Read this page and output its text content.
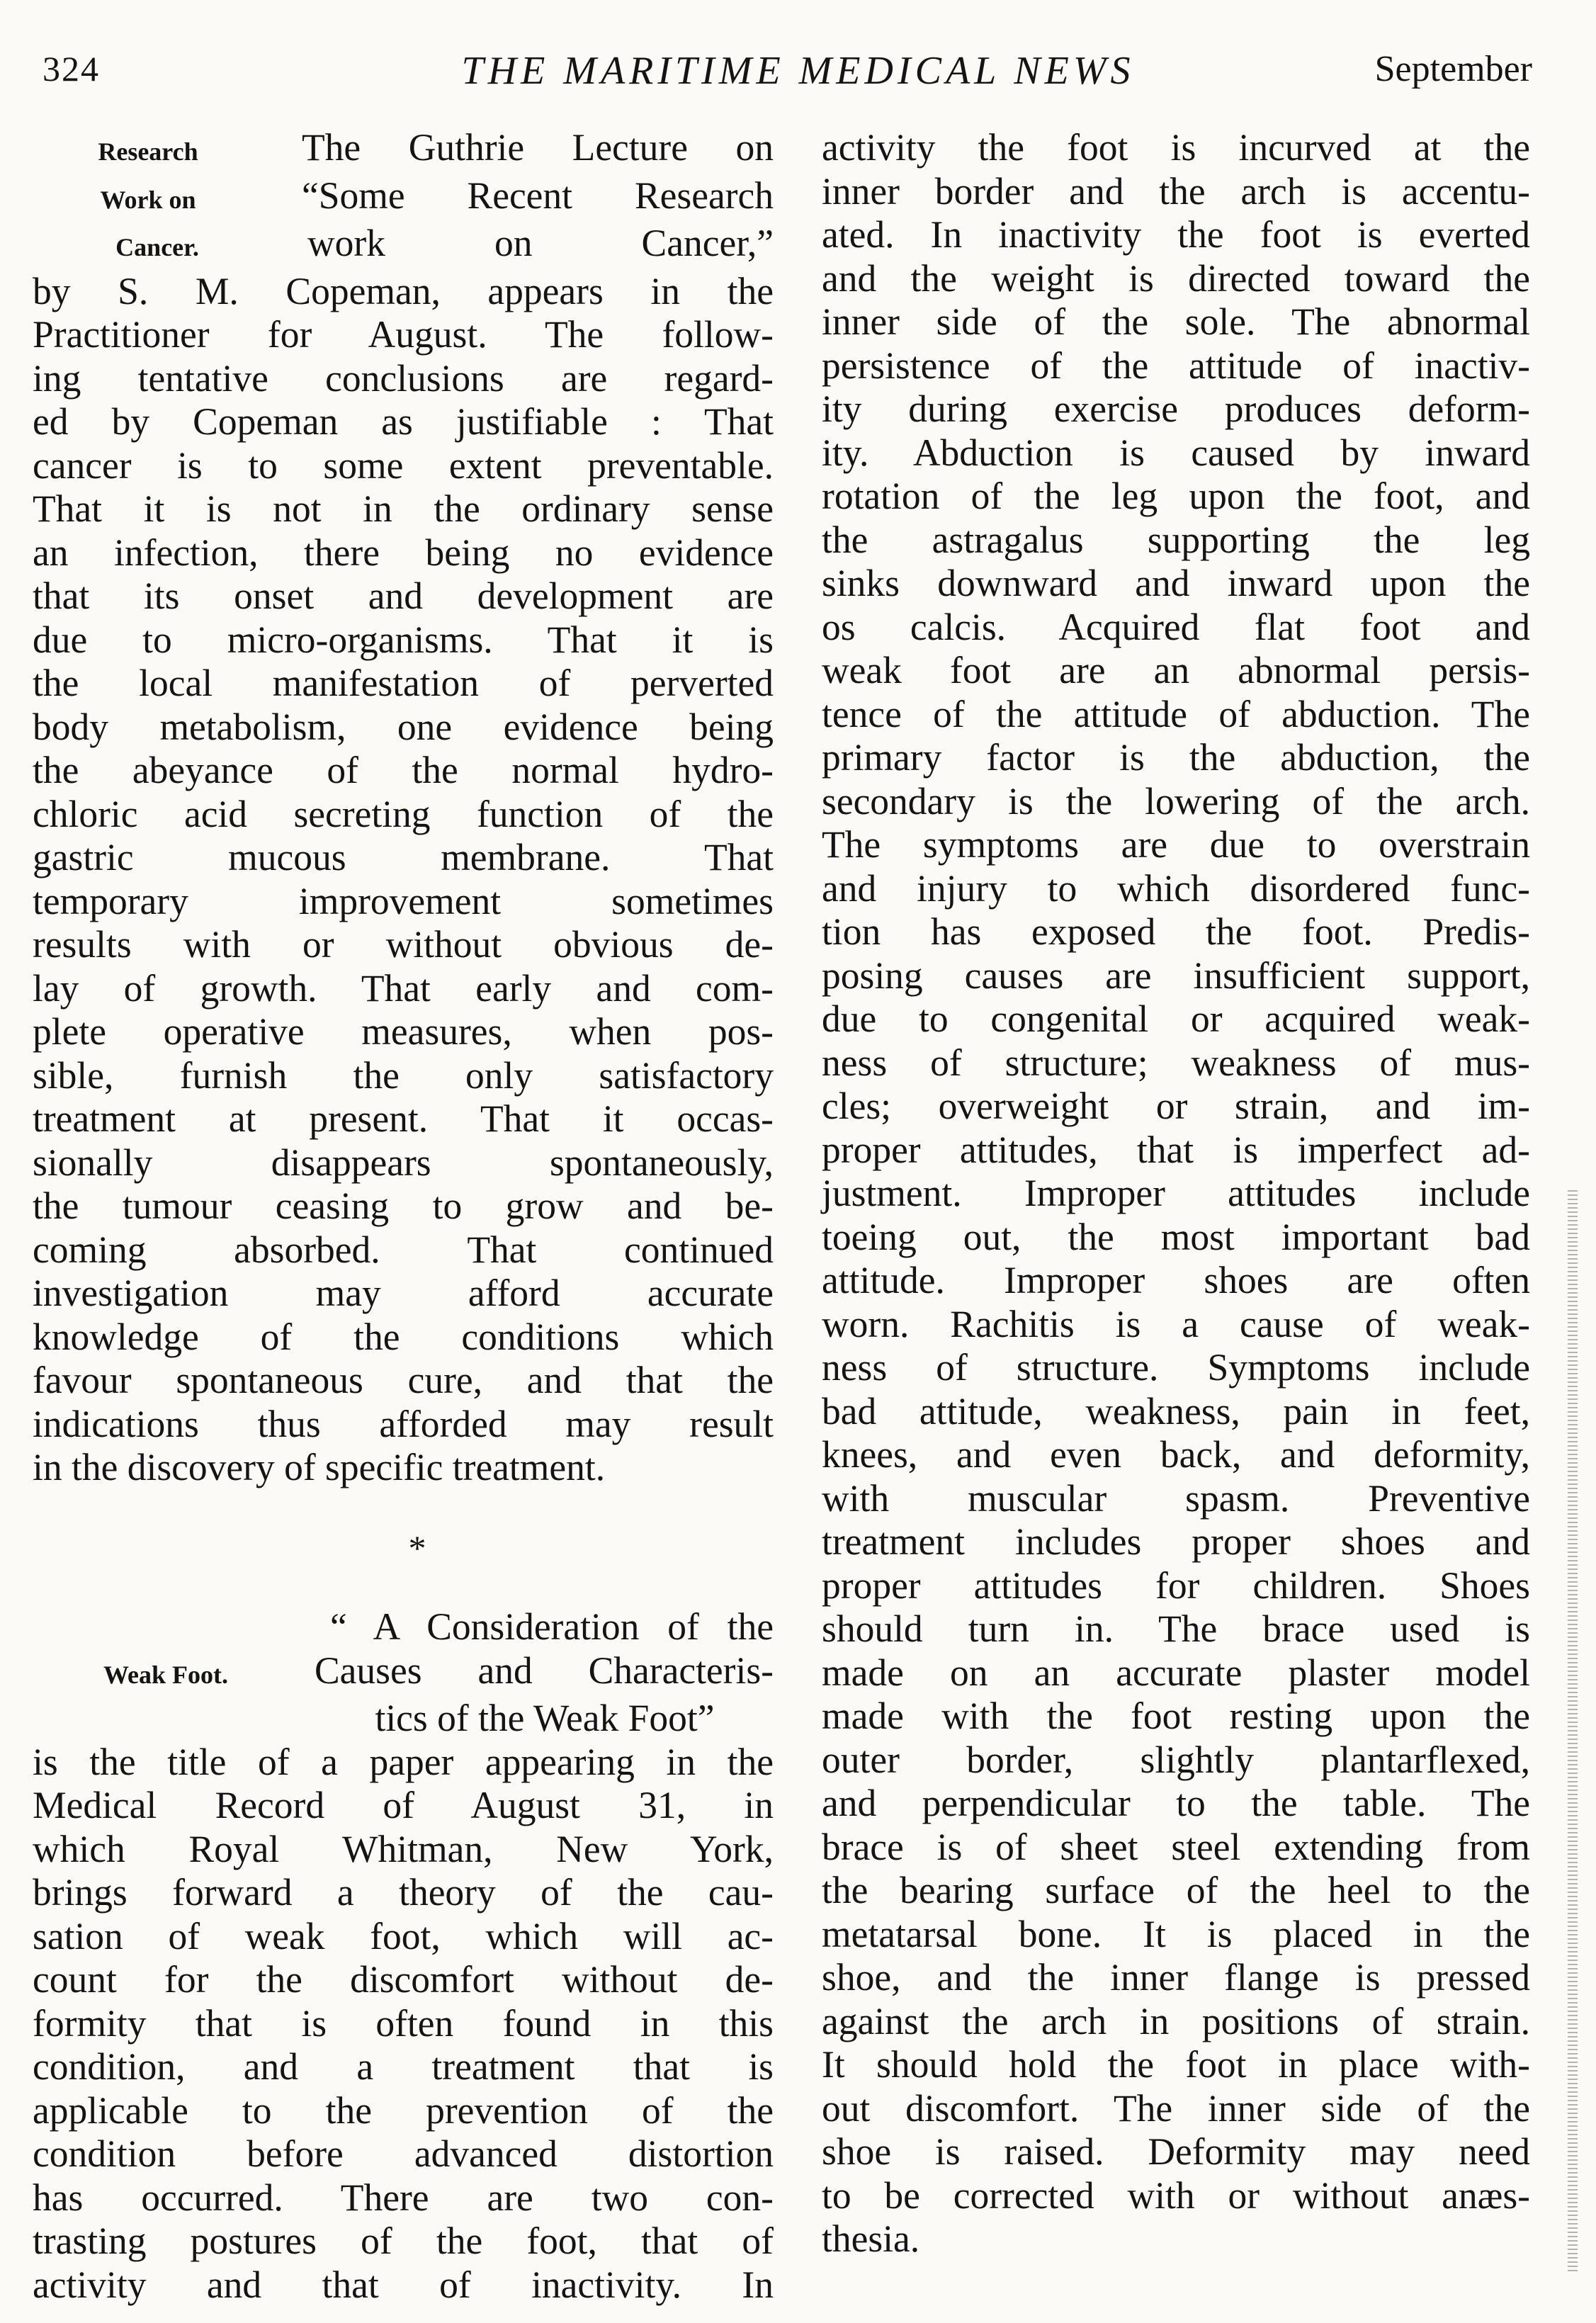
324	THE MARITIME MEDICAL NEWS	September
Research	The Guthrie Lecture on
Work on	“Some Recent Research
Cancer.	work on Cancer,”
by S. M. Copeman, appears in the
Practitioner for August. The follow-
ing tentative conclusions are regard-
ed by Copeman as justifiable : That
cancer is to some extent preventable.
That it is not in the ordinary sense
an infection, there being no evidence
that its onset and development are
due to micro-organisms. That it is
the local manifestation of perverted
body metabolism, one evidence being
the abeyance of the normal hydro-
chloric acid secreting function of the
gastric mucous membrane. That
temporary improvement sometimes
results with or without obvious de-
lay of growth. That early and com-
plete operative measures, when pos-
sible, furnish the only satisfactory
treatment at present. That it occas-
sionally disappears spontaneously,
the tumour ceasing to grow and be-
coming absorbed. That continued
investigation may afford accurate
knowledge of the conditions which
favour spontaneous cure, and that the
indications thus afforded may result
in the discovery of specific treatment.
*
“ A Consideration of the
Weak Foot.	Causes and Characteris-
tics of the Weak Foot”
is the title of a paper appearing in the
Medical Record of August 31, in
which Royal Whitman, New York,
brings forward a theory of the cau-
sation of weak foot, which will ac-
count for the discomfort without de-
formity that is often found in this
condition, and a treatment that is
applicable to the prevention of the
condition before advanced distortion
has occurred. There are two con-
trasting postures of the foot, that of
activity and that of inactivity. In
activity the foot is incurved at the
inner border and the arch is accentu-
ated. In inactivity the foot is everted
and the weight is directed toward the
inner side of the sole. The abnormal
persistence of the attitude of inactiv-
ity during exercise produces deform-
ity. Abduction is caused by inward
rotation of the leg upon the foot, and
the astragalus supporting the leg
sinks downward and inward upon the
os calcis. Acquired flat foot and
weak foot are an abnormal persis-
tence of the attitude of abduction. The
primary factor is the abduction, the
secondary is the lowering of the arch.
The symptoms are due to overstrain
and injury to which disordered func-
tion has exposed the foot. Predis-
posing causes are insufficient support,
due to congenital or acquired weak-
ness of structure; weakness of mus-
cles; overweight or strain, and im-
proper attitudes, that is imperfect ad-
justment. Improper attitudes include
toeing out, the most important bad
attitude. Improper shoes are often
worn. Rachitis is a cause of weak-
ness of structure. Symptoms include
bad attitude, weakness, pain in feet,
knees, and even back, and deformity,
with muscular spasm. Preventive
treatment includes proper shoes and
proper attitudes for children. Shoes
should turn in. The brace used is
made on an accurate plaster model
made with the foot resting upon the
outer border, slightly plantarflexed,
and perpendicular to the table. The
brace is of sheet steel extending from
the bearing surface of the heel to the
metatarsal bone. It is placed in the
shoe, and the inner flange is pressed
against the arch in positions of strain.
It should hold the foot in place with-
out discomfort. The inner side of the
shoe is raised. Deformity may need
to be corrected with or without anæs-
thesia.
